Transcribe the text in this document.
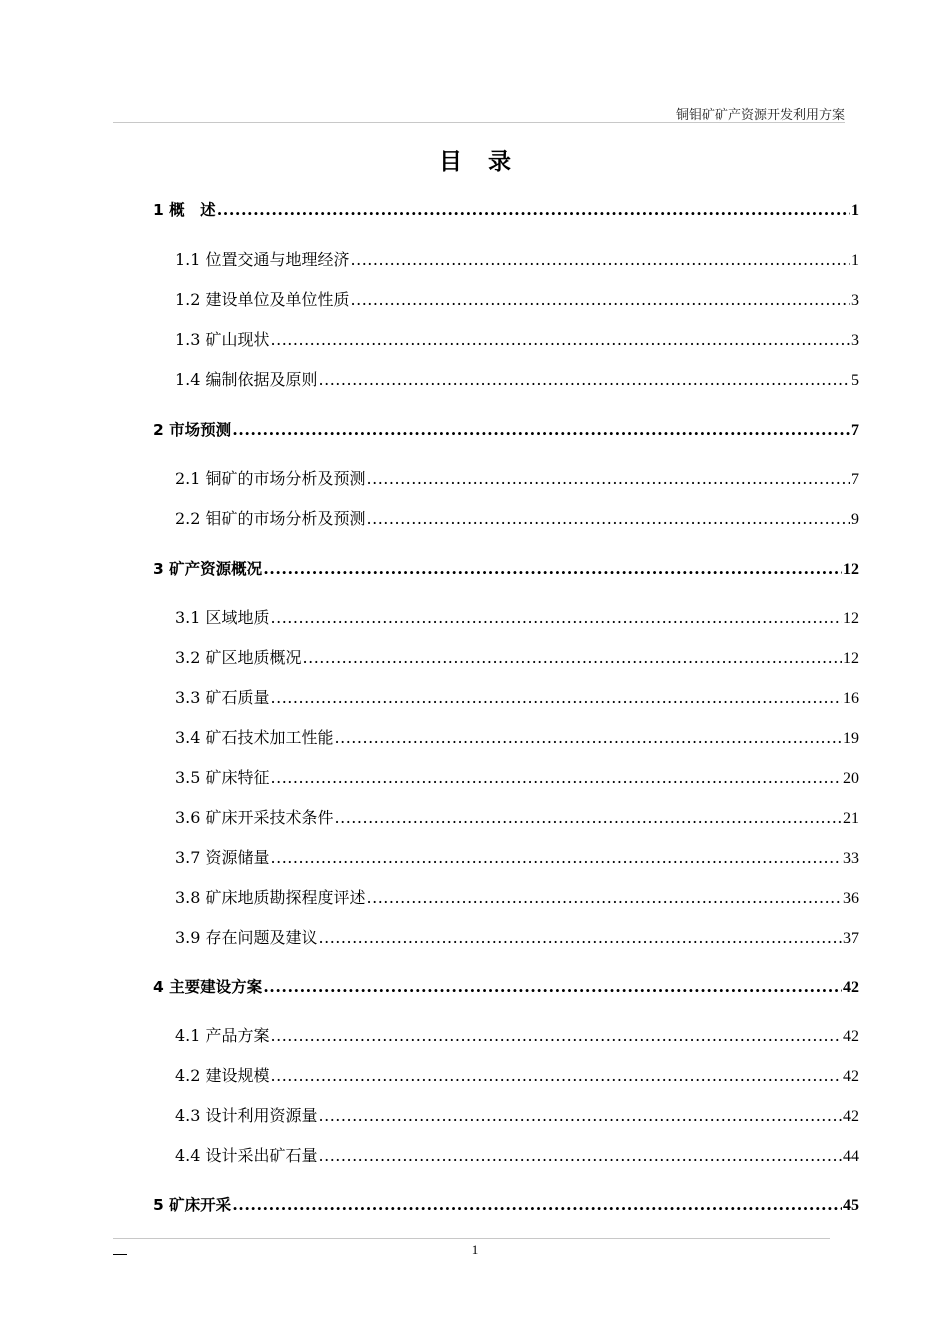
铜钼矿矿产资源开发利用方案
目录
1 概　述 .....	1
1.1 位置交通与地理经济 .....	1
1.2 建设单位及单位性质 .....	3
1.3 矿山现状 .....	3
1.4 编制依据及原则 .....	5
2 市场预测 .....	7
2.1 铜矿的市场分析及预测 .....	7
2.2 钼矿的市场分析及预测 .....	9
3 矿产资源概况 .....	12
3.1 区域地质 .....	12
3.2 矿区地质概况 .....	12
3.3 矿石质量 .....	16
3.4 矿石技术加工性能 .....	19
3.5 矿床特征 .....	20
3.6 矿床开采技术条件 .....	21
3.7 资源储量 .....	33
3.8 矿床地质勘探程度评述 .....	36
3.9 存在问题及建议 .....	37
4 主要建设方案 .....	42
4.1 产品方案 .....	42
4.2 建设规模 .....	42
4.3 设计利用资源量 .....	42
4.4 设计采出矿石量 .....	44
5 矿床开采 .....	45
1
